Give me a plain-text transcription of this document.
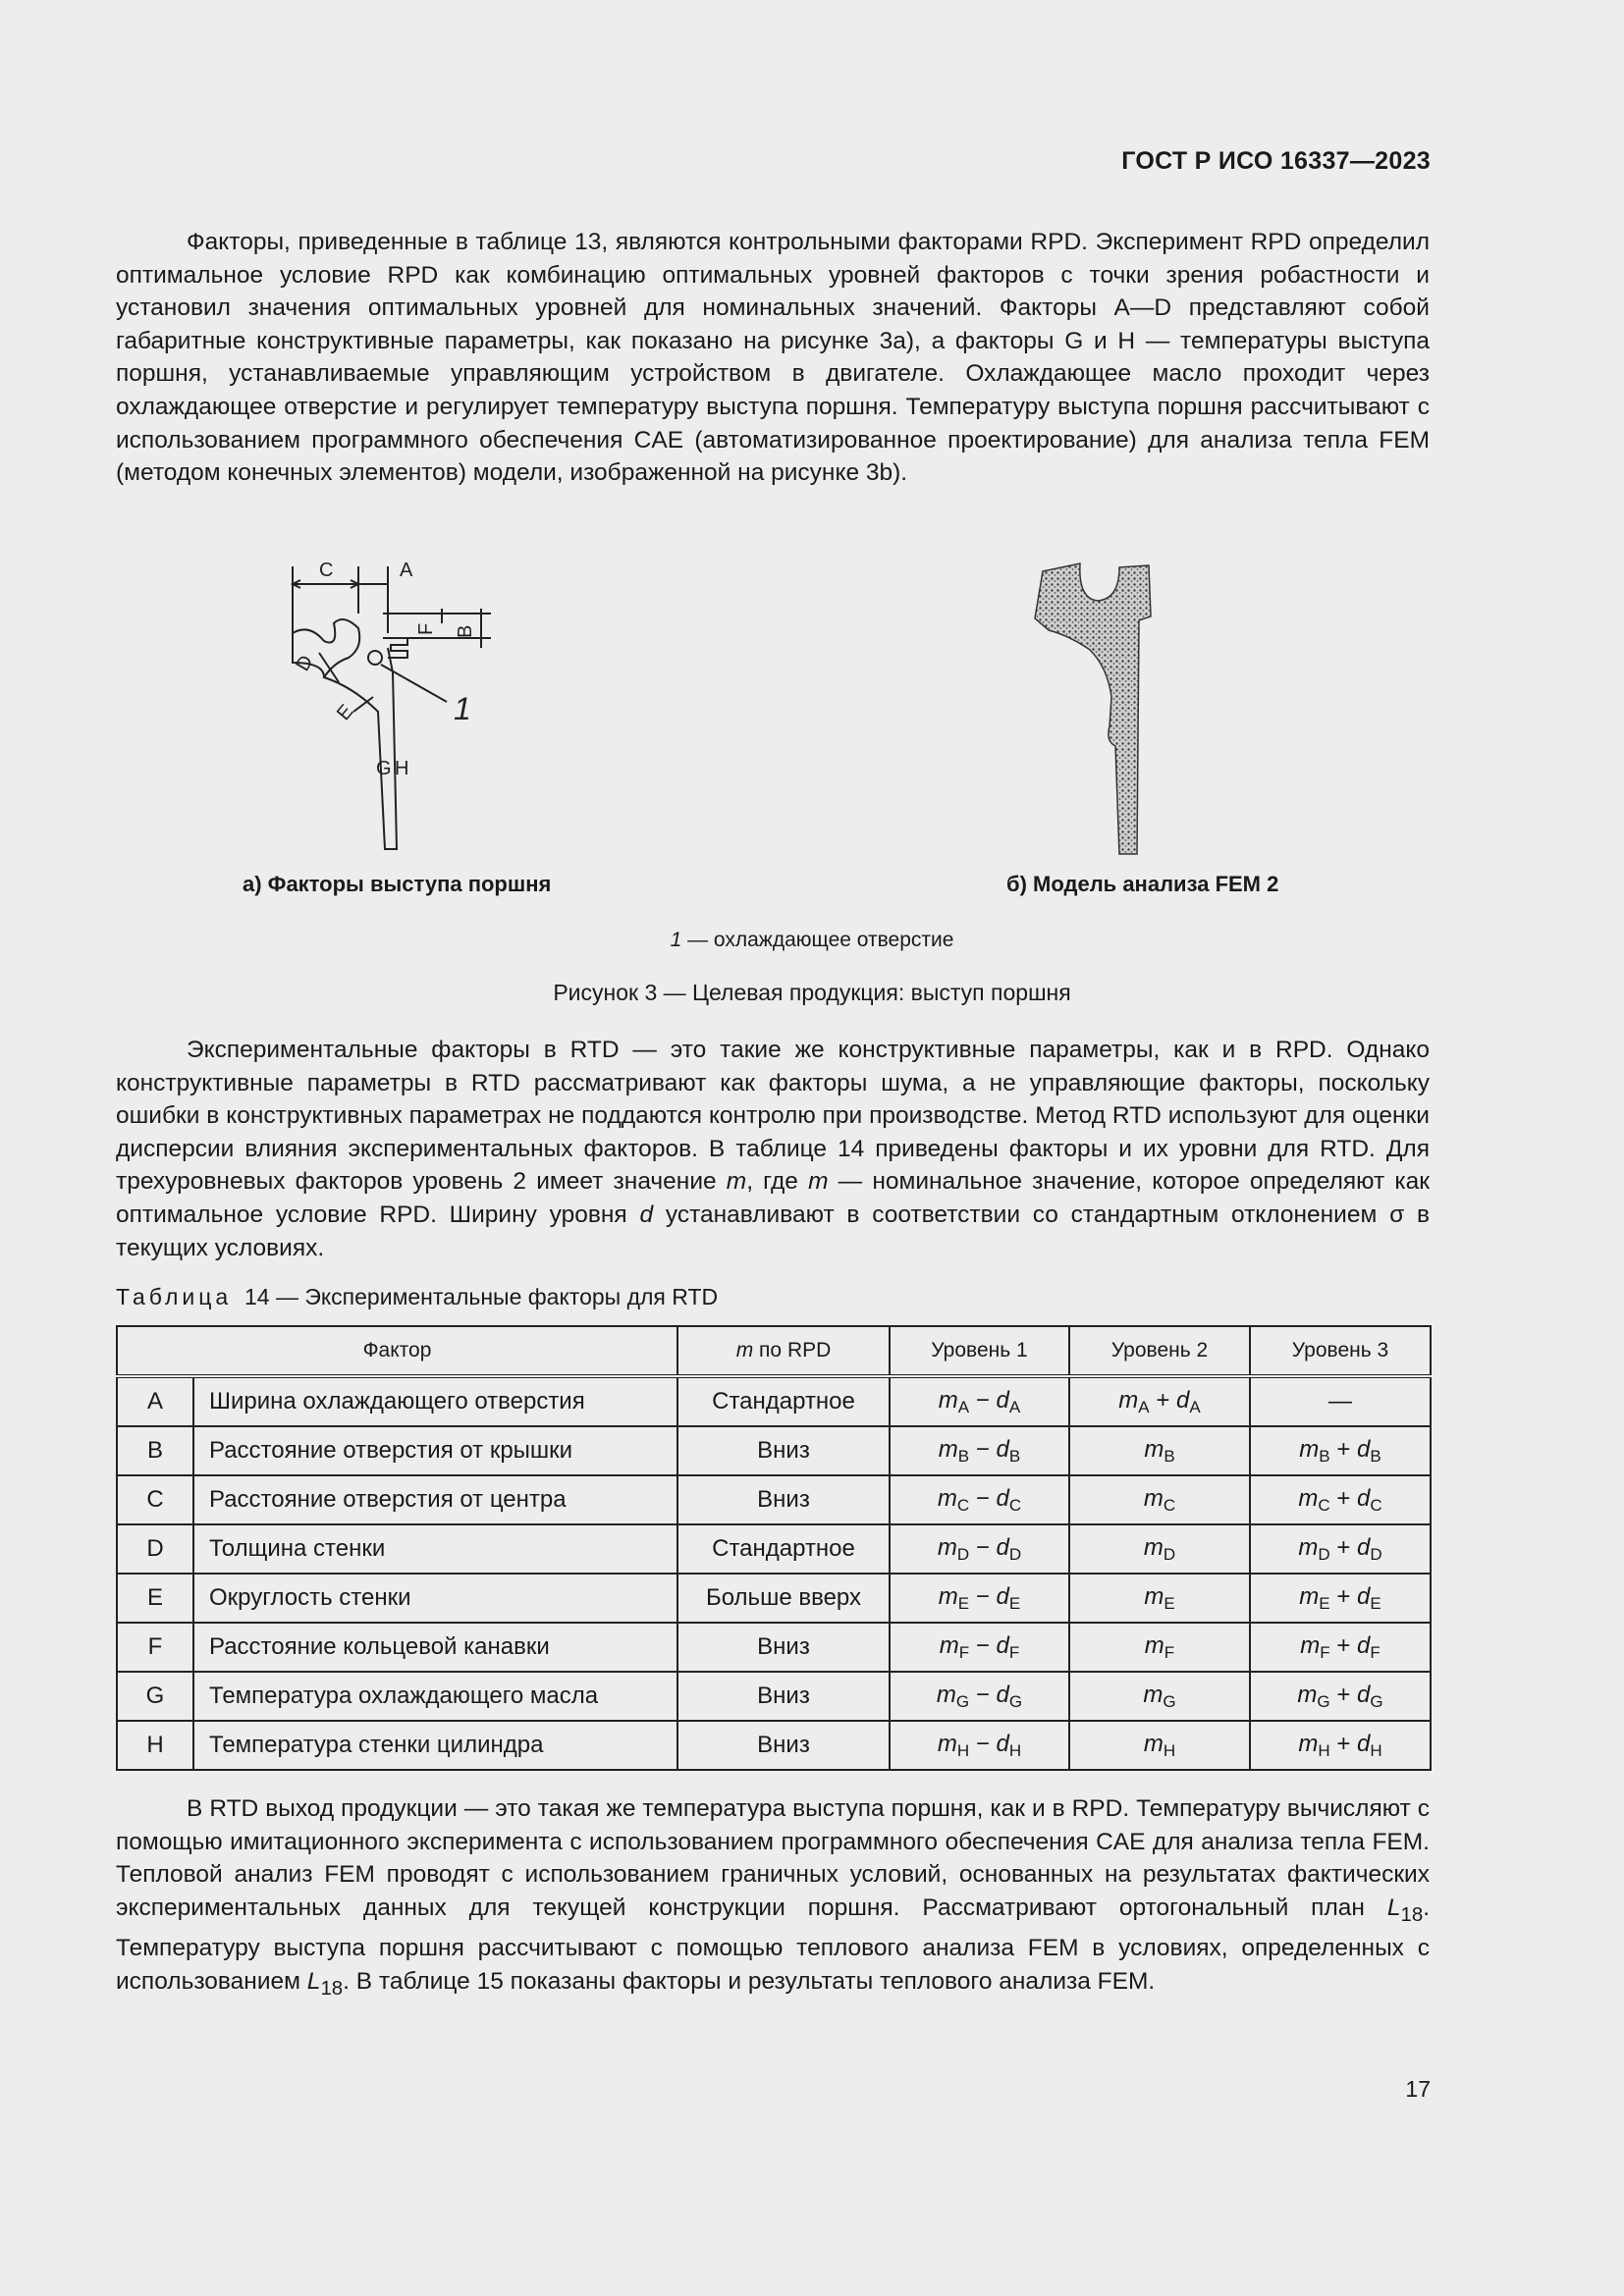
ГОСТ Р ИСО 16337—2023

Факторы, приведенные в таблице 13, являются контрольными факторами RPD. Эксперимент RPD определил оптимальное условие RPD как комбинацию оптимальных уровней факторов с точки зрения робастности и установил значения оптимальных уровней для номинальных значений. Факторы A—D представляют собой габаритные конструктивные параметры, как показано на рисунке 3а), а факторы G и H — температуры выступа поршня, устанавливаемые управляющим устройством в двигателе. Охлаждающее масло проходит через охлаждающее отверстие и регулирует температуру выступа поршня. Температуру выступа поршня рассчитывают с использованием программного обеспечения CAE (автоматизированное проектирование) для анализа тепла FEM (методом конечных элементов) модели, изображенной на рисунке 3b).

C	A
F B
D
E
G H
1
а) Факторы выступа поршня	б) Модель анализа FEM 2
1 — охлаждающее отверстие
Рисунок 3 — Целевая продукция: выступ поршня

Экспериментальные факторы в RTD — это такие же конструктивные параметры, как и в RPD. Однако конструктивные параметры в RTD рассматривают как факторы шума, а не управляющие факторы, поскольку ошибки в конструктивных параметрах не поддаются контролю при производстве. Метод RTD используют для оценки дисперсии влияния экспериментальных факторов. В таблице 14 приведены факторы и их уровни для RTD. Для трехуровневых факторов уровень 2 имеет значение m, где m — номинальное значение, которое определяют как оптимальное условие RPD. Ширину уровня d устанавливают в соответствии со стандартным отклонением σ в текущих условиях.

Таблица 14 — Экспериментальные факторы для RTD
Фактор		m по RPD	Уровень 1	Уровень 2	Уровень 3
A	Ширина охлаждающего отверстия	Стандартное	$m_A - d_A$	$m_A + d_A$	—
B	Расстояние отверстия от крышки	Вниз	$m_B - d_B$	$m_B$	$m_B + d_B$
C	Расстояние отверстия от центра	Вниз	$m_C - d_C$	$m_C$	$m_C + d_C$
D	Толщина стенки	Стандартное	$m_D - d_D$	$m_D$	$m_D + d_D$
E	Округлость стенки	Больше вверх	$m_E - d_E$	$m_E$	$m_E + d_E$
F	Расстояние кольцевой канавки	Вниз	$m_F - d_F$	$m_F$	$m_F + d_F$
G	Температура охлаждающего масла	Вниз	$m_G - d_G$	$m_G$	$m_G + d_G$
H	Температура стенки цилиндра	Вниз	$m_H - d_H$	$m_H$	$m_H + d_H$

В RTD выход продукции — это такая же температура выступа поршня, как и в RPD. Температуру вычисляют с помощью имитационного эксперимента с использованием программного обеспечения CAE для анализа тепла FEM. Тепловой анализ FEM проводят с использованием граничных условий, основанных на результатах фактических экспериментальных данных для текущей конструкции поршня. Рассматривают ортогональный план $L_{18}$. Температуру выступа поршня рассчитывают с помощью теплового анализа FEM в условиях, определенных с использованием $L_{18}$. В таблице 15 показаны факторы и результаты теплового анализа FEM.

17
